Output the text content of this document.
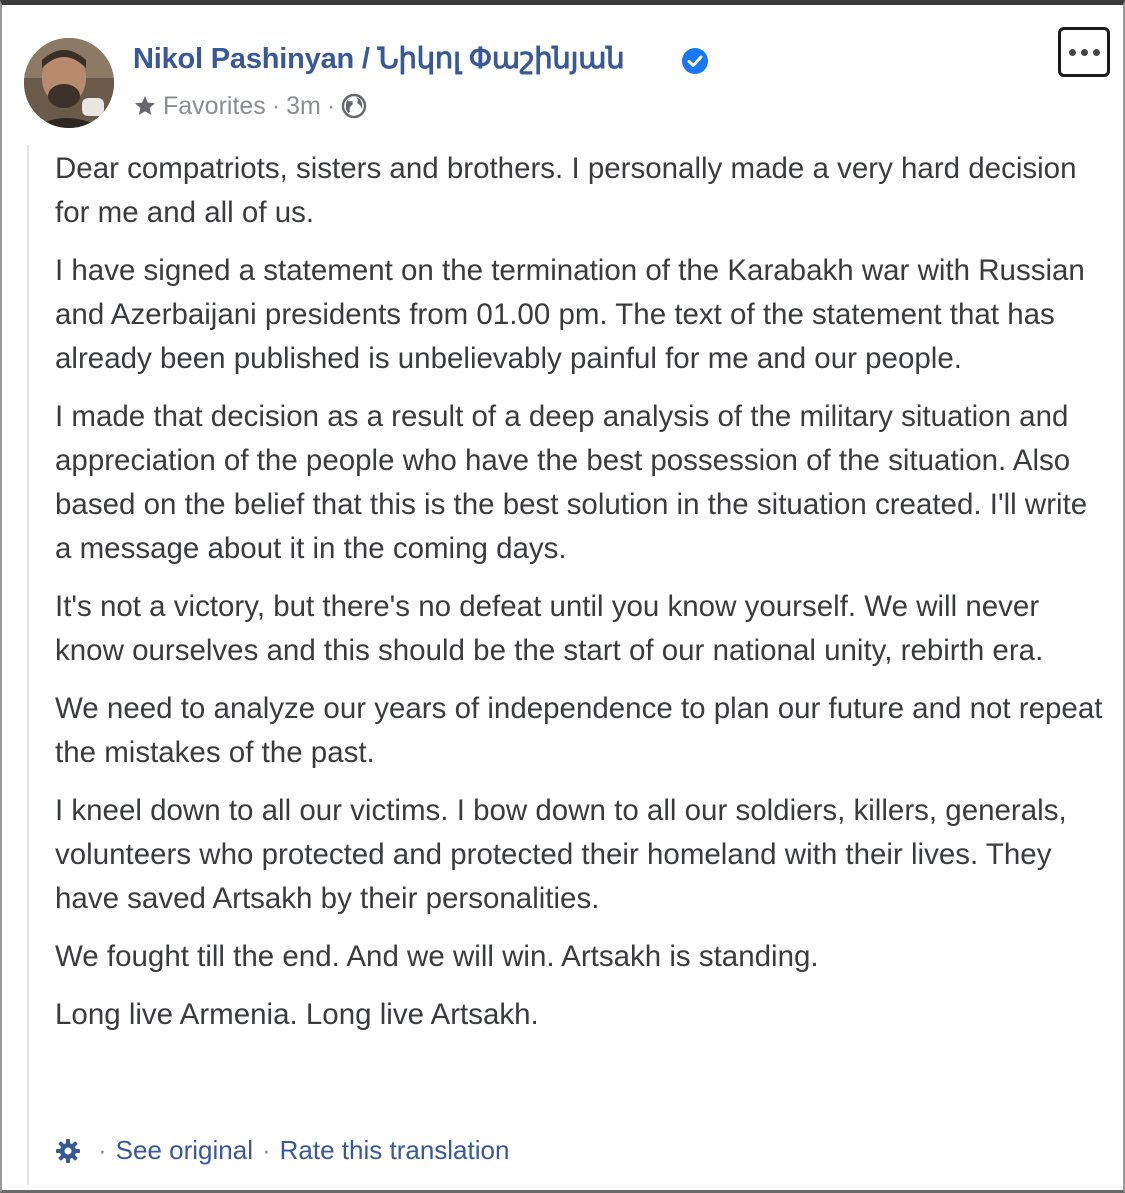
Nikol Pashinyan / Նիկոլ Փաշինյան
Favorites · 3m ·

Dear compatriots, sisters and brothers. I personally made a very hard decision for me and all of us.

I have signed a statement on the termination of the Karabakh war with Russian and Azerbaijani presidents from 01.00 pm. The text of the statement that has already been published is unbelievably painful for me and our people.

I made that decision as a result of a deep analysis of the military situation and appreciation of the people who have the best possession of the situation. Also based on the belief that this is the best solution in the situation created. I'll write a message about it in the coming days.

It's not a victory, but there's no defeat until you know yourself. We will never know ourselves and this should be the start of our national unity, rebirth era.

We need to analyze our years of independence to plan our future and not repeat the mistakes of the past.

I kneel down to all our victims. I bow down to all our soldiers, killers, generals, volunteers who protected and protected their homeland with their lives. They have saved Artsakh by their personalities.

We fought till the end. And we will win. Artsakh is standing.

Long live Armenia. Long live Artsakh.

· See original · Rate this translation
